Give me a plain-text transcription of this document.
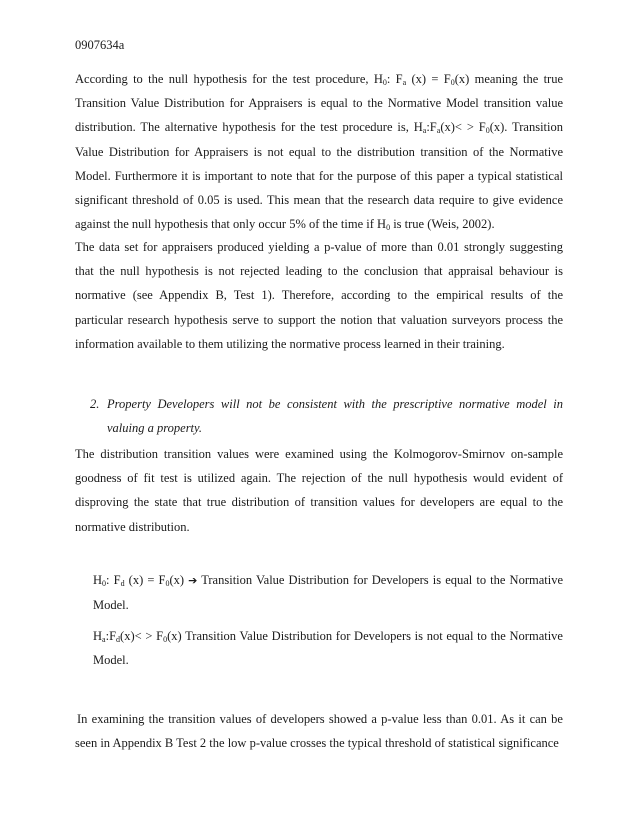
0907634a
According to the null hypothesis for the test procedure, $H_0$: $F_a$ $(x) = F_0(x)$ meaning the true Transition Value Distribution for Appraisers is equal to the Normative Model transition value distribution. The alternative hypothesis for the test procedure is, $H_a:F_a(x)< > F_0(x)$. Transition Value Distribution for Appraisers is not equal to the distribution transition of the Normative Model. Furthermore it is important to note that for the purpose of this paper a typical statistical significant threshold of 0.05 is used. This mean that the research data require to give evidence against the null hypothesis that only occur 5% of the time if $H_0$ is true (Weis, 2002).
The data set for appraisers produced yielding a p-value of more than 0.01 strongly suggesting that the null hypothesis is not rejected leading to the conclusion that appraisal behaviour is normative (see Appendix B, Test 1). Therefore, according to the empirical results of the particular research hypothesis serve to support the notion that valuation surveyors process the information available to them utilizing the normative process learned in their training.
2. Property Developers will not be consistent with the prescriptive normative model in valuing a property.
The distribution transition values were examined using the Kolmogorov-Smirnov on-sample goodness of fit test is utilized again. The rejection of the null hypothesis would evident of disproving the state that true distribution of transition values for developers are equal to the normative distribution.
$H_0$: $F_d$ $(x) = F_0(x)$ ➔ Transition Value Distribution for Developers is equal to the Normative Model.
$H_a:F_d(x)< > F_0(x)$ Transition Value Distribution for Developers is not equal to the Normative Model.
In examining the transition values of developers showed a p-value less than 0.01. As it can be seen in Appendix B Test 2 the low p-value crosses the typical threshold of statistical significance
